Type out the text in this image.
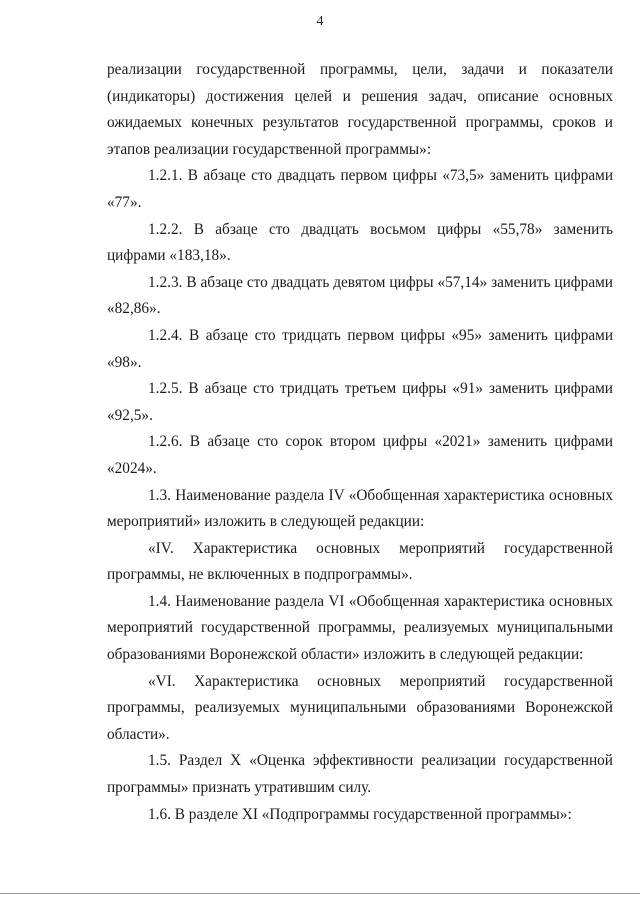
4

реализации государственной программы, цели, задачи и показатели (индикаторы) достижения целей и решения задач, описание основных ожидаемых конечных результатов государственной программы, сроков и этапов реализации государственной программы»:

1.2.1. В абзаце сто двадцать первом цифры «73,5» заменить цифрами «77».

1.2.2. В абзаце сто двадцать восьмом цифры «55,78» заменить цифрами «183,18».

1.2.3. В абзаце сто двадцать девятом цифры «57,14» заменить цифрами «82,86».

1.2.4. В абзаце сто тридцать первом цифры «95» заменить цифрами «98».

1.2.5. В абзаце сто тридцать третьем цифры «91» заменить цифрами «92,5».

1.2.6. В абзаце сто сорок втором цифры «2021» заменить цифрами «2024».

1.3. Наименование раздела IV «Обобщенная характеристика основных мероприятий» изложить в следующей редакции:

«IV. Характеристика основных мероприятий государственной программы, не включенных в подпрограммы».

1.4. Наименование раздела VI «Обобщенная характеристика основных мероприятий государственной программы, реализуемых муниципальными образованиями Воронежской области» изложить в следующей редакции:

«VI. Характеристика основных мероприятий государственной программы, реализуемых муниципальными образованиями Воронежской области».

1.5. Раздел X «Оценка эффективности реализации государственной программы» признать утратившим силу.

1.6. В разделе XI «Подпрограммы государственной программы»:
